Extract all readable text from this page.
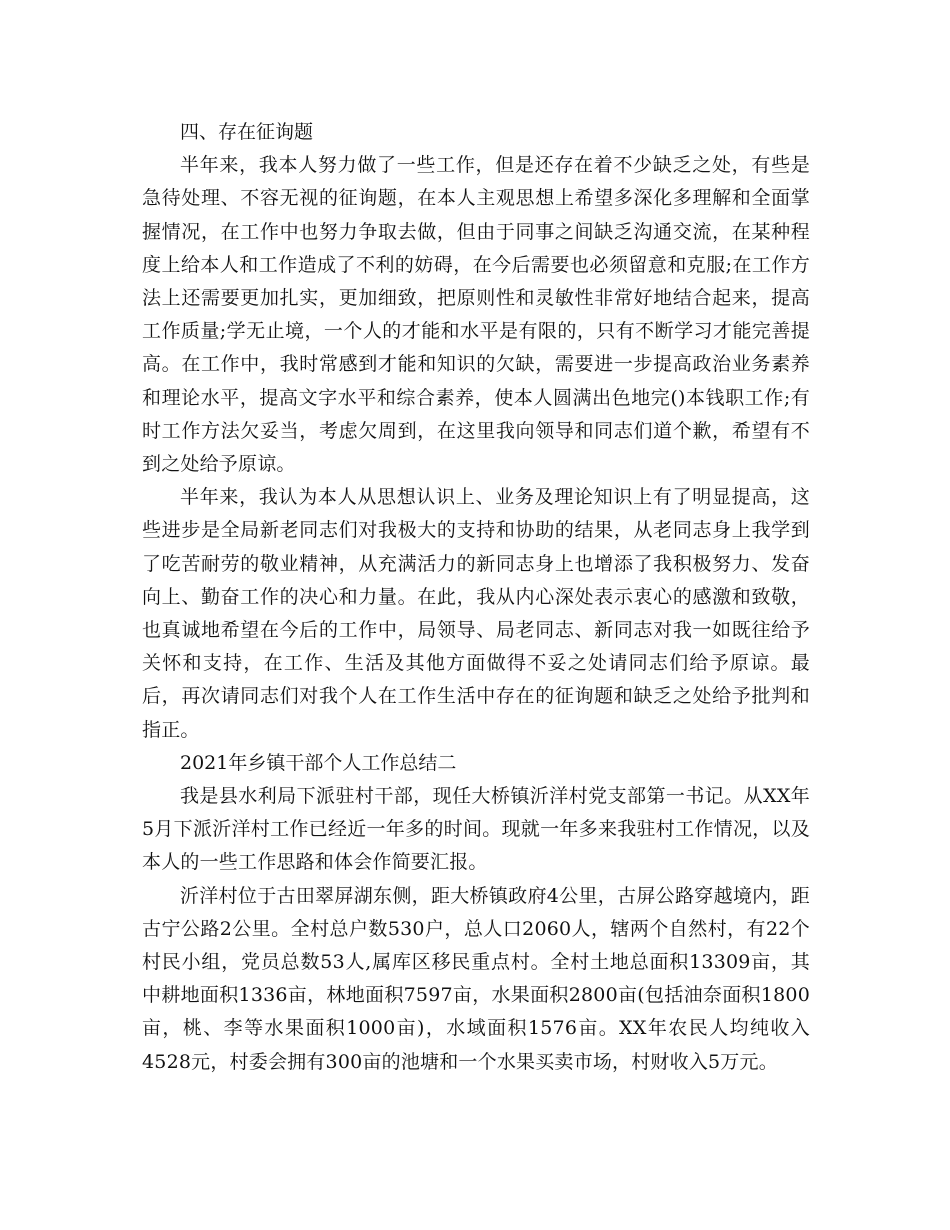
四、存在征询题

半年来，我本人努力做了一些工作，但是还存在着不少缺乏之处，有些是急待处理、不容无视的征询题，在本人主观思想上希望多深化多理解和全面掌握情况，在工作中也努力争取去做，但由于同事之间缺乏沟通交流，在某种程度上给本人和工作造成了不利的妨碍，在今后需要也必须留意和克服;在工作方法上还需要更加扎实，更加细致，把原则性和灵敏性非常好地结合起来，提高工作质量;学无止境，一个人的才能和水平是有限的，只有不断学习才能完善提高。在工作中，我时常感到才能和知识的欠缺，需要进一步提高政治业务素养和理论水平，提高文字水平和综合素养，使本人圆满出色地完()本钱职工作;有时工作方法欠妥当，考虑欠周到，在这里我向领导和同志们道个歉，希望有不到之处给予原谅。

半年来，我认为本人从思想认识上、业务及理论知识上有了明显提高，这些进步是全局新老同志们对我极大的支持和协助的结果，从老同志身上我学到了吃苦耐劳的敬业精神，从充满活力的新同志身上也增添了我积极努力、发奋向上、勤奋工作的决心和力量。在此，我从内心深处表示衷心的感激和致敬，也真诚地希望在今后的工作中，局领导、局老同志、新同志对我一如既往给予关怀和支持，在工作、生活及其他方面做得不妥之处请同志们给予原谅。最后，再次请同志们对我个人在工作生活中存在的征询题和缺乏之处给予批判和指正。

2021年乡镇干部个人工作总结二

我是县水利局下派驻村干部，现任大桥镇沂洋村党支部第一书记。从XX年5月下派沂洋村工作已经近一年多的时间。现就一年多来我驻村工作情况，以及本人的一些工作思路和体会作简要汇报。

沂洋村位于古田翠屏湖东侧，距大桥镇政府4公里，古屏公路穿越境内，距古宁公路2公里。全村总户数530户，总人口2060人，辖两个自然村，有22个村民小组，党员总数53人,属库区移民重点村。全村土地总面积13309亩，其中耕地面积1336亩，林地面积7597亩，水果面积2800亩(包括油奈面积1800亩，桃、李等水果面积1000亩)，水域面积1576亩。XX年农民人均纯收入4528元，村委会拥有300亩的池塘和一个水果买卖市场，村财收入5万元。
